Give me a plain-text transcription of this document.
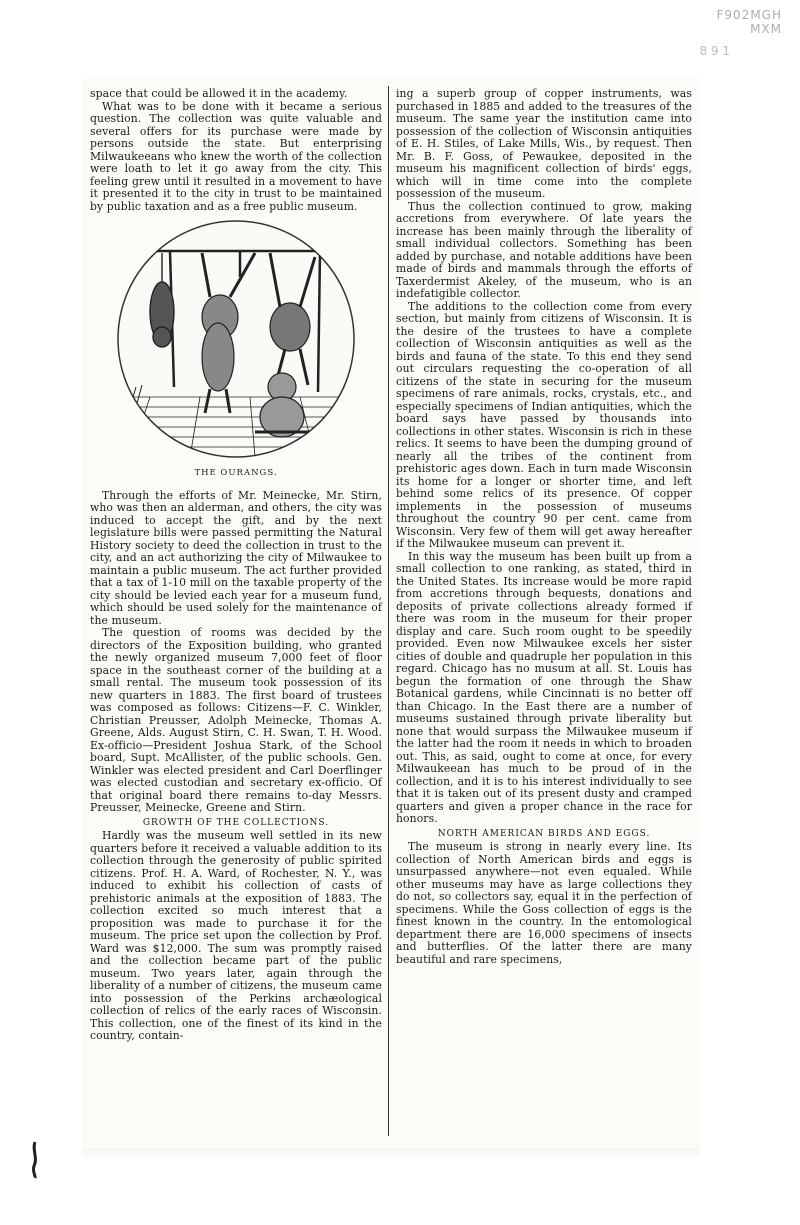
F902MGH
MXM
8 9 1

space that could be allowed it in the academy.

What was to be done with it became a serious question. The collection was quite valuable and several offers for its purchase were made by persons outside the state. But enterprising Milwaukeeans who knew the worth of the collection were loath to let it go away from the city. This feeling grew until it resulted in a movement to have it presented it to the city in trust to be maintained by public taxation and as a free public museum.

THE OURANGS.

Through the efforts of Mr. Meinecke, Mr. Stirn, who was then an alderman, and others, the city was induced to accept the gift, and by the next legislature bills were passed permitting the Natural History society to deed the collection in trust to the city, and an act authorizing the city of Milwaukee to maintain a public museum. The act further provided that a tax of 1-10 mill on the taxable property of the city should be levied each year for a museum fund, which should be used solely for the maintenance of the museum.

The question of rooms was decided by the directors of the Exposition building, who granted the newly organized museum 7,000 feet of floor space in the southeast corner of the building at a small rental. The museum took possession of its new quarters in 1883. The first board of trustees was composed as follows: Citizens—F. C. Winkler, Christian Preusser, Adolph Meinecke, Thomas A. Greene, Alds. August Stirn, C. H. Swan, T. H. Wood. Ex-officio—President Joshua Stark, of the School board, Supt. McAllister, of the public schools. Gen. Winkler was elected president and Carl Doerflinger was elected custodian and secretary ex-officio. Of that original board there remains to-day Messrs. Preusser, Meinecke, Greene and Stirn.

GROWTH OF THE COLLECTIONS.

Hardly was the museum well settled in its new quarters before it received a valuable addition to its collection through the generosity of public spirited citizens. Prof. H. A. Ward, of Rochester, N. Y., was induced to exhibit his collection of casts of prehistoric animals at the exposition of 1883. The collection excited so much interest that a proposition was made to purchase it for the museum. The price set upon the collection by Prof. Ward was $12,000. The sum was promptly raised and the collection became part of the public museum. Two years later, again through the liberality of a number of citizens, the museum came into possession of the Perkins archæological collection of relics of the early races of Wisconsin. This collection, one of the finest of its kind in the country, contain-

ing a superb group of copper instruments, was purchased in 1885 and added to the treasures of the museum. The same year the institution came into possession of the collection of Wisconsin antiquities of E. H. Stiles, of Lake Mills, Wis., by request. Then Mr. B. F. Goss, of Pewaukee, deposited in the museum his magnificent collection of birds' eggs, which will in time come into the complete possession of the museum.

Thus the collection continued to grow, making accretions from everywhere. Of late years the increase has been mainly through the liberality of small individual collectors. Something has been added by purchase, and notable additions have been made of birds and mammals through the efforts of Taxerdermist Akeley, of the museum, who is an indefatigible collector.

The additions to the collection come from every section, but mainly from citizens of Wisconsin. It is the desire of the trustees to have a complete collection of Wisconsin antiquities as well as the birds and fauna of the state. To this end they send out circulars requesting the co-operation of all citizens of the state in securing for the museum specimens of rare animals, rocks, crystals, etc., and especially specimens of Indian antiquities, which the board says have passed by thousands into collections in other states. Wisconsin is rich in these relics. It seems to have been the dumping ground of nearly all the tribes of the continent from prehistoric ages down. Each in turn made Wisconsin its home for a longer or shorter time, and left behind some relics of its presence. Of copper implements in the possession of museums throughout the country 90 per cent. came from Wisconsin. Very few of them will get away hereafter if the Milwaukee museum can prevent it.

In this way the museum has been built up from a small collection to one ranking, as stated, third in the United States. Its increase would be more rapid from accretions through bequests, donations and deposits of private collections already formed if there was room in the museum for their proper display and care. Such room ought to be speedily provided. Even now Milwaukee excels her sister cities of double and quadruple her population in this regard. Chicago has no musum at all. St. Louis has begun the formation of one through the Shaw Botanical gardens, while Cincinnati is no better off than Chicago. In the East there are a number of museums sustained through private liberality but none that would surpass the Milwaukee museum if the latter had the room it needs in which to broaden out. This, as said, ought to come at once, for every Milwaukeean has much to be proud of in the collection, and it is to his interest individually to see that it is taken out of its present dusty and cramped quarters and given a proper chance in the race for honors.

NORTH AMERICAN BIRDS AND EGGS.

The museum is strong in nearly every line. Its collection of North American birds and eggs is unsurpassed anywhere—not even equaled. While other museums may have as large collections they do not, so collectors say, equal it in the perfection of specimens. While the Goss collection of eggs is the finest known in the country. In the entomological department there are 16,000 specimens of insects and butterflies. Of the latter there are many beautiful and rare specimens,
